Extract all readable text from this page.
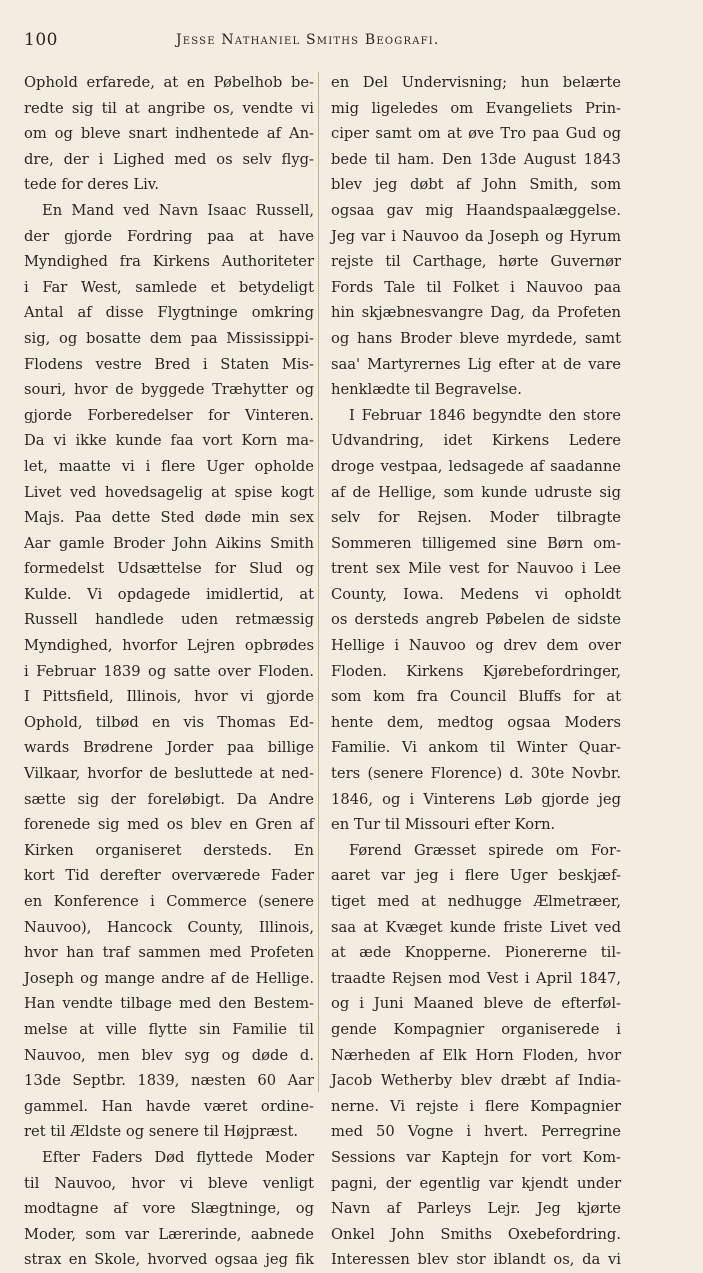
100	Jesse Nathaniel Smiths Beografi.
Ophold erfarede, at en Pøbelhob be-
redte sig til at angribe os, vendte vi
om og bleve snart indhentede af An-
dre, der i Lighed med os selv flyg-
tede for deres Liv.
En Mand ved Navn Isaac Russell,
der gjorde Fordring paa at have
Myndighed fra Kirkens Authoriteter
i Far West, samlede et betydeligt
Antal af disse Flygtninge omkring
sig, og bosatte dem paa Mississippi-
Flodens vestre Bred i Staten Mis-
souri, hvor de byggede Træhytter og
gjorde Forberedelser for Vinteren.
Da vi ikke kunde faa vort Korn ma-
let, maatte vi i flere Uger opholde
Livet ved hovedsagelig at spise kogt
Majs. Paa dette Sted døde min sex
Aar gamle Broder John Aikins Smith
formedelst Udsættelse for Slud og
Kulde. Vi opdagede imidlertid, at
Russell handlede uden retmæssig
Myndighed, hvorfor Lejren opbrødes
i Februar 1839 og satte over Floden.
I Pittsfield, Illinois, hvor vi gjorde
Ophold, tilbød en vis Thomas Ed-
wards Brødrene Jorder paa billige
Vilkaar, hvorfor de besluttede at ned-
sætte sig der foreløbigt. Da Andre
forenede sig med os blev en Gren af
Kirken organiseret dersteds. En
kort Tid derefter overværede Fader
en Konference i Commerce (senere
Nauvoo), Hancock County, Illinois,
hvor han traf sammen med Profeten
Joseph og mange andre af de Hellige.
Han vendte tilbage med den Bestem-
melse at ville flytte sin Familie til
Nauvoo, men blev syg og døde d.
13de Septbr. 1839, næsten 60 Aar
gammel. Han havde været ordine-
ret til Ældste og senere til Højpræst.
Efter Faders Død flyttede Moder
til Nauvoo, hvor vi bleve venligt
modtagne af vore Slægtninge, og
Moder, som var Lærerinde, aabnede
strax en Skole, hvorved ogsaa jeg fik
en Del Undervisning; hun belærte
mig ligeledes om Evangeliets Prin-
ciper samt om at øve Tro paa Gud og
bede til ham. Den 13de August 1843
blev jeg døbt af John Smith, som
ogsaa gav mig Haandspaalæggelse.
Jeg var i Nauvoo da Joseph og Hyrum
rejste til Carthage, hørte Guvernør
Fords Tale til Folket i Nauvoo paa
hin skjæbnesvangre Dag, da Profeten
og hans Broder bleve myrdede, samt
saa' Martyrernes Lig efter at de vare
henklædte til Begravelse.
I Februar 1846 begyndte den store
Udvandring, idet Kirkens Ledere
droge vestpaa, ledsagede af saadanne
af de Hellige, som kunde udruste sig
selv for Rejsen. Moder tilbragte
Sommeren tilligemed sine Børn om-
trent sex Mile vest for Nauvoo i Lee
County, Iowa. Medens vi opholdt
os dersteds angreb Pøbelen de sidste
Hellige i Nauvoo og drev dem over
Floden. Kirkens Kjørebefordringer,
som kom fra Council Bluffs for at
hente dem, medtog ogsaa Moders
Familie. Vi ankom til Winter Quar-
ters (senere Florence) d. 30te Novbr.
1846, og i Vinterens Løb gjorde jeg
en Tur til Missouri efter Korn.
Førend Græsset spirede om For-
aaret var jeg i flere Uger beskjæf-
tiget med at nedhugge Ælmetræer,
saa at Kvæget kunde friste Livet ved
at æde Knopperne. Pionererne til-
traadte Rejsen mod Vest i April 1847,
og i Juni Maaned bleve de efterføl-
gende Kompagnier organiserede i
Nærheden af Elk Horn Floden, hvor
Jacob Wetherby blev dræbt af India-
nerne. Vi rejste i flere Kompagnier
med 50 Vogne i hvert. Perregrine
Sessions var Kaptejn for vort Kom-
pagni, der egentlig var kjendt under
Navn af Parleys Lejr. Jeg kjørte
Onkel John Smiths Oxebefordring.
Interessen blev stor iblandt os, da vi
